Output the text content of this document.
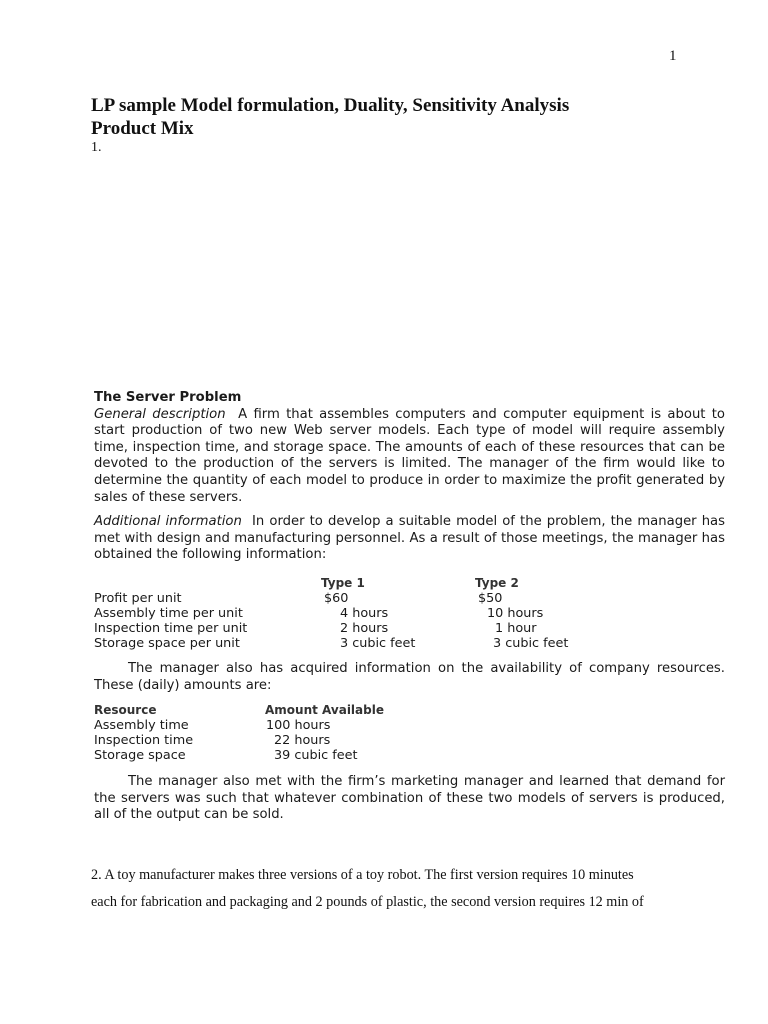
1
LP sample Model formulation, Duality, Sensitivity Analysis
Product Mix
1.
The Server Problem

General description A firm that assembles computers and computer equipment is about to start production of two new Web server models. Each type of model will require assembly time, inspection time, and storage space. The amounts of each of these resources that can be devoted to the production of the servers is limited. The manager of the firm would like to determine the quantity of each model to produce in order to maximize the profit generated by sales of these servers.

Additional information In order to develop a suitable model of the problem, the manager has met with design and manufacturing personnel. As a result of those meetings, the manager has obtained the following information:

Type 1	Type 2
Profit per unit	$60	$50
Assembly time per unit	4 hours	10 hours
Inspection time per unit	2 hours	1 hour
Storage space per unit	3 cubic feet	3 cubic feet

The manager also has acquired information on the availability of company resources. These (daily) amounts are:

Resource	Amount Available
Assembly time	100 hours
Inspection time	22 hours
Storage space	39 cubic feet

The manager also met with the firm’s marketing manager and learned that demand for the servers was such that whatever combination of these two models of servers is produced, all of the output can be sold.

2. A toy manufacturer makes three versions of a toy robot. The first version requires 10 minutes

each for fabrication and packaging and 2 pounds of plastic, the second version requires 12 min of
